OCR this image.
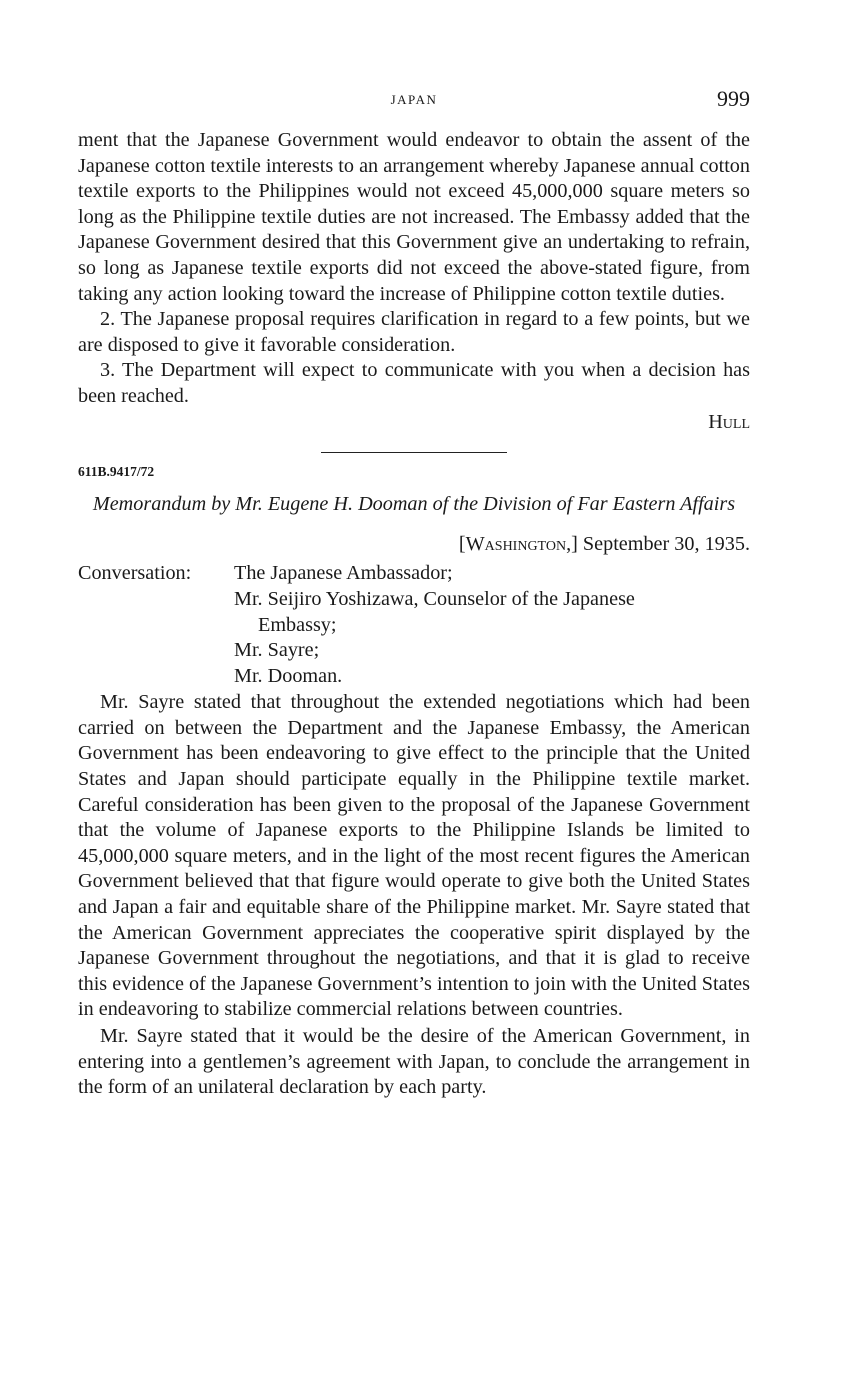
JAPAN	999

ment that the Japanese Government would endeavor to obtain the assent of the Japanese cotton textile interests to an arrangement whereby Japanese annual cotton textile exports to the Philippines would not exceed 45,000,000 square meters so long as the Philippine textile duties are not increased. The Embassy added that the Japanese Government desired that this Government give an undertaking to refrain, so long as Japanese textile exports did not exceed the above-stated figure, from taking any action looking toward the increase of Philippine cotton textile duties.

2. The Japanese proposal requires clarification in regard to a few points, but we are disposed to give it favorable consideration.

3. The Department will expect to communicate with you when a decision has been reached.

Hull
611B.9417/72
Memorandum by Mr. Eugene H. Dooman of the Division of Far Eastern Affairs
[Washington,] September 30, 1935.
Conversation:	The Japanese Ambassador;
Mr. Seijiro Yoshizawa, Counselor of the Japanese
Embassy;
Mr. Sayre;
Mr. Dooman.

Mr. Sayre stated that throughout the extended negotiations which had been carried on between the Department and the Japanese Embassy, the American Government has been endeavoring to give effect to the principle that the United States and Japan should participate equally in the Philippine textile market. Careful consideration has been given to the proposal of the Japanese Government that the volume of Japanese exports to the Philippine Islands be limited to 45,000,000 square meters, and in the light of the most recent figures the American Government believed that that figure would operate to give both the United States and Japan a fair and equitable share of the Philippine market. Mr. Sayre stated that the American Government appreciates the cooperative spirit displayed by the Japanese Government throughout the negotiations, and that it is glad to receive this evidence of the Japanese Government’s intention to join with the United States in endeavoring to stabilize commercial relations between countries.

Mr. Sayre stated that it would be the desire of the American Government, in entering into a gentlemen’s agreement with Japan, to conclude the arrangement in the form of an unilateral declaration by each party.
